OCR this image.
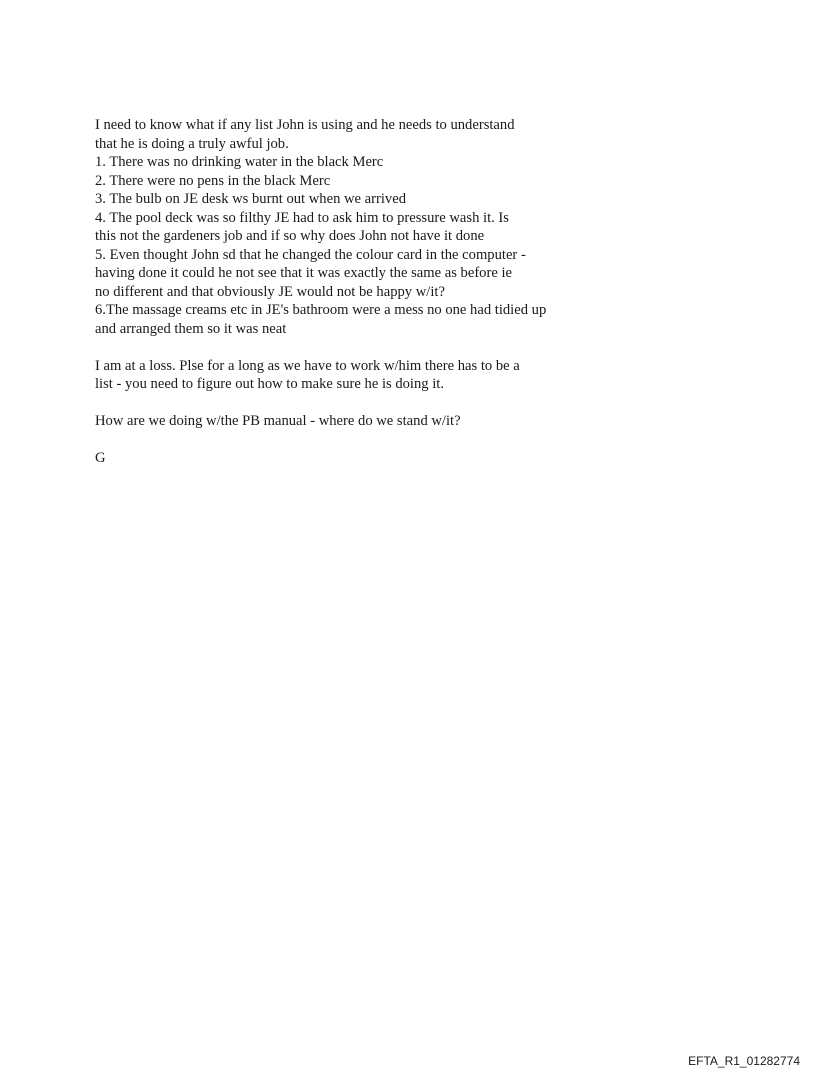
I need to know what if any list John is using and he needs to understand
that he is doing a truly awful job.
1. There was no drinking water in the black Merc
2. There were no pens in the black Merc
3. The bulb on JE desk ws burnt out when we arrived
4. The pool deck was so filthy JE had to ask him to pressure wash it. Is
this not the gardeners job and if so why does John not have it done
5. Even thought John sd that he changed the colour card in the computer -
having done it could he not see that it was exactly the same as before ie
no different and that obviously JE would not be happy w/it?
6.The massage creams etc in JE's bathroom were a mess no one had tidied up
and arranged them so it was neat
I am at a loss. Plse for a long as we have to work w/him there has to be a
list - you need to figure out how to make sure he is doing it.
How are we doing w/the PB manual - where do we stand w/it?
G
EFTA_R1_01282774
